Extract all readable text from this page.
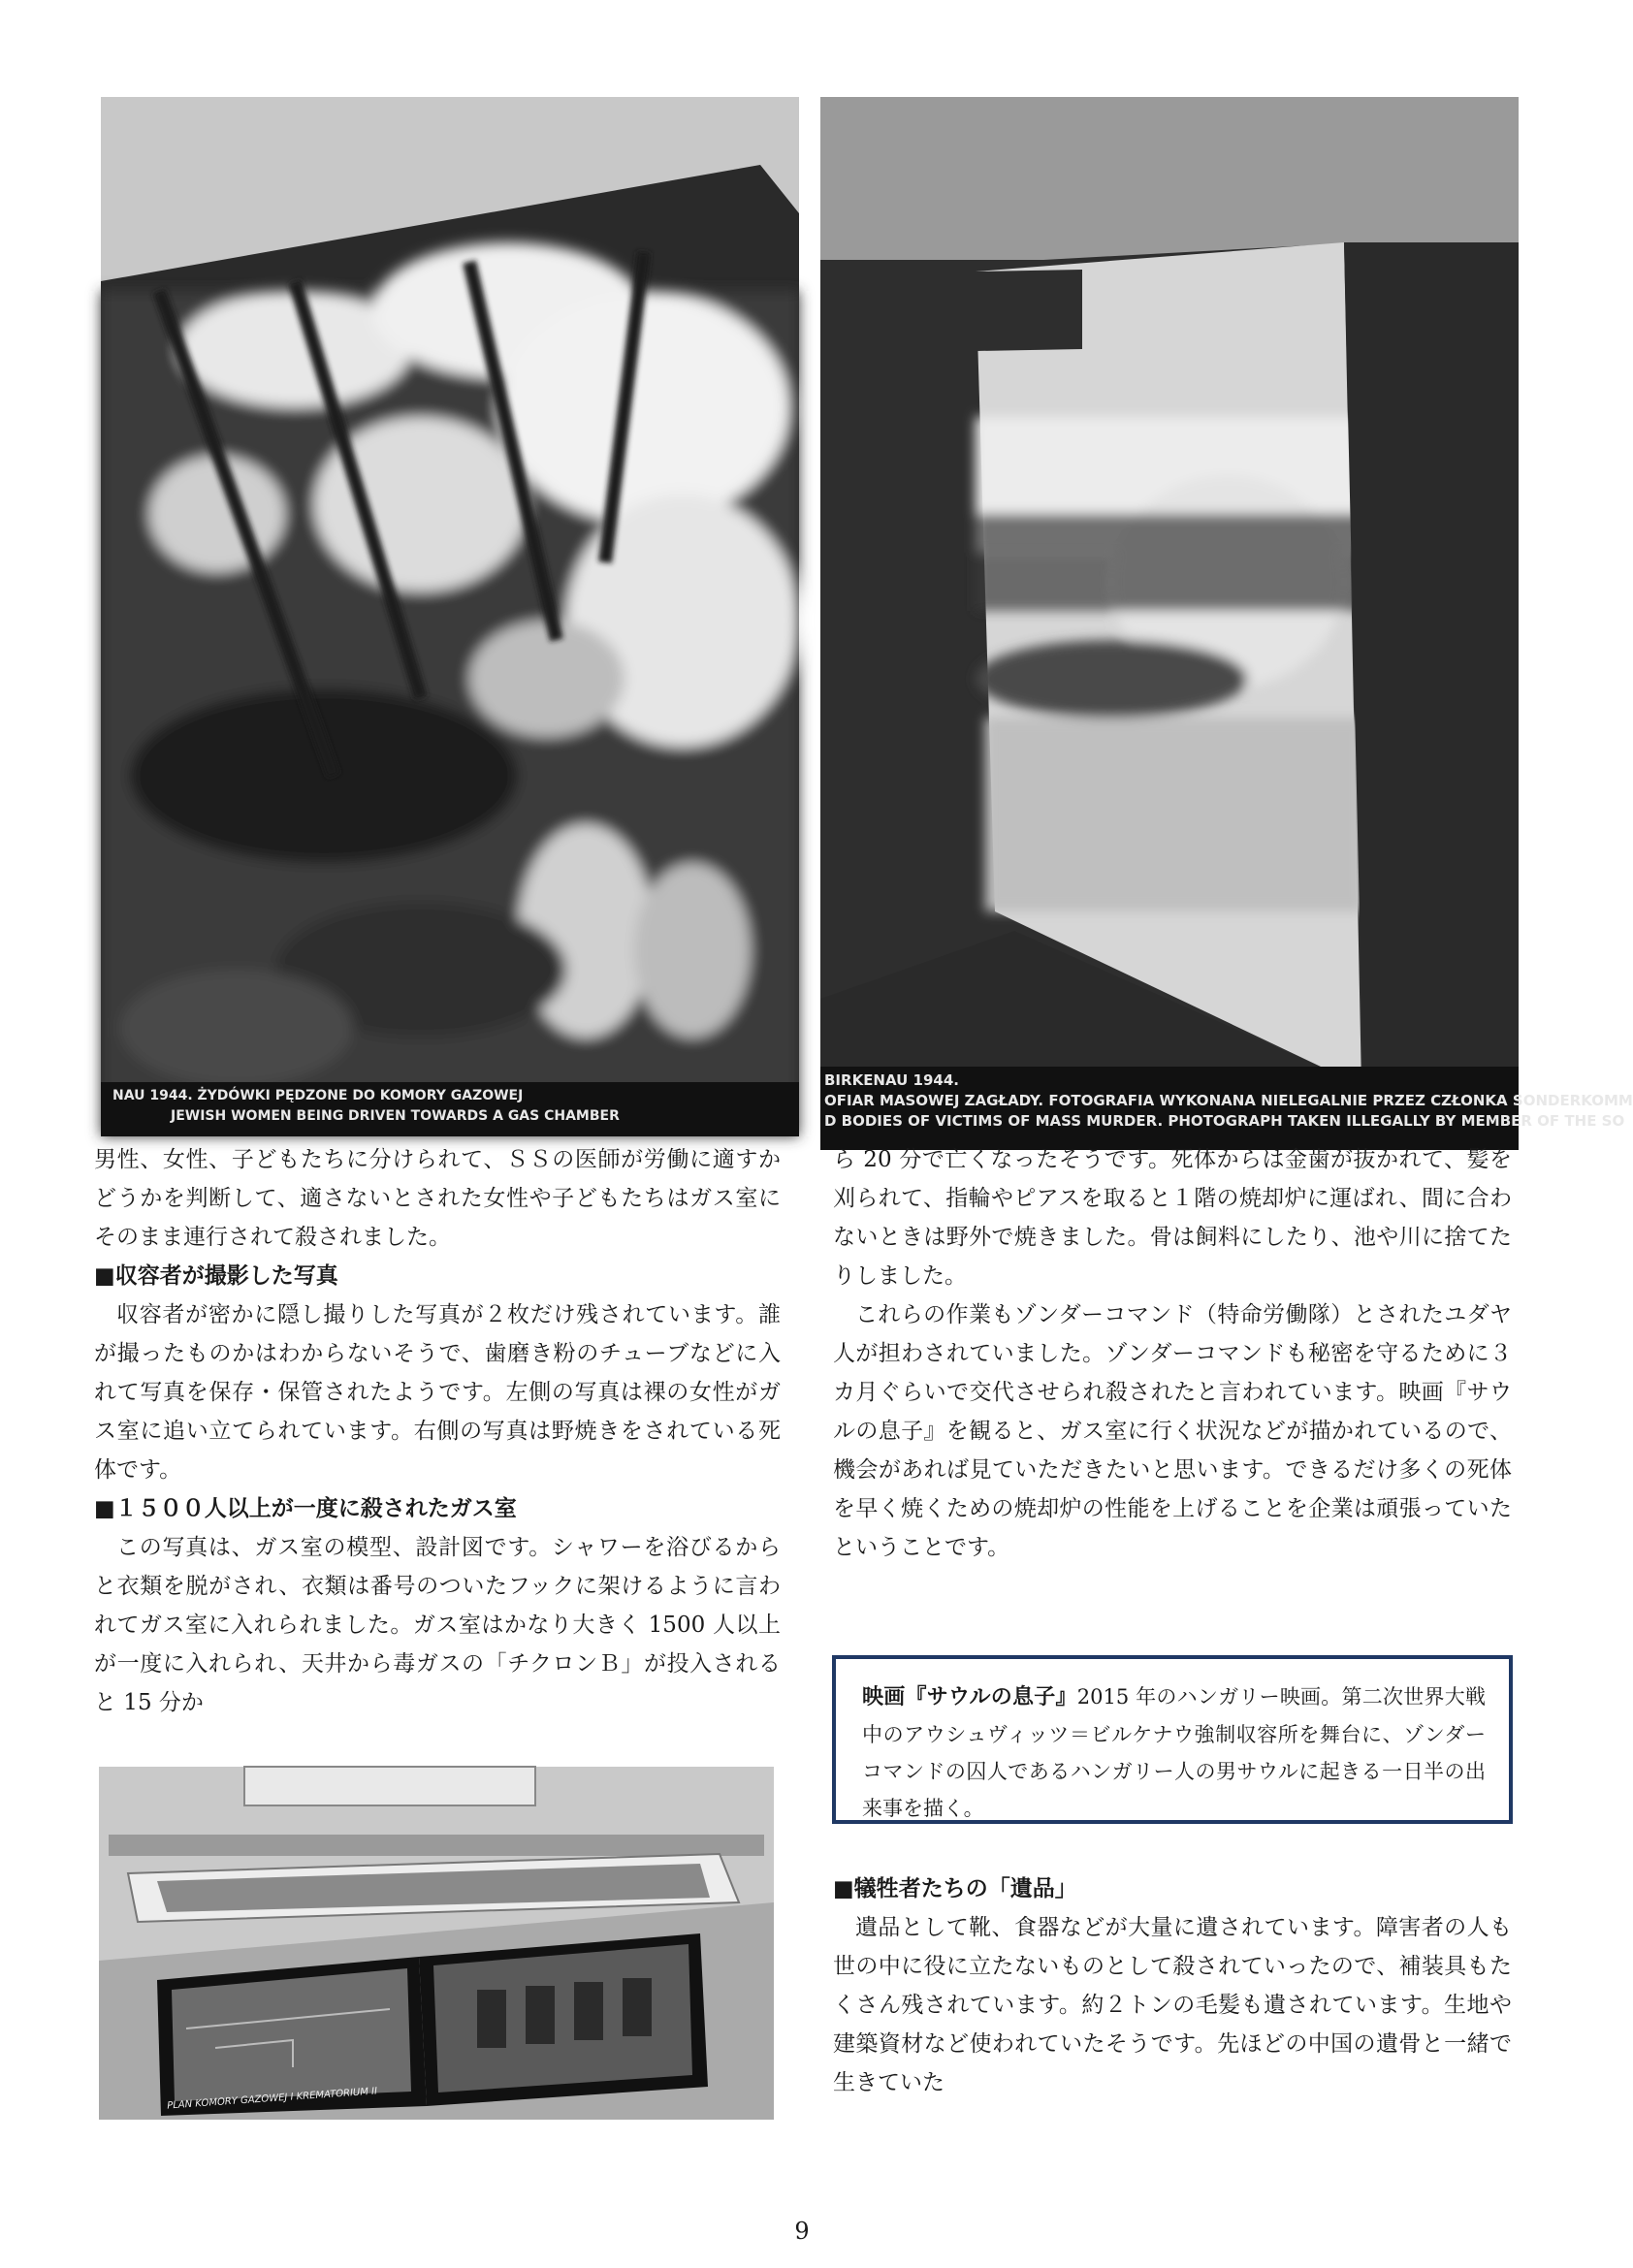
NAU 1944. ŻYDÓWKI PĘDZONE DO KOMORY GAZOWEJ
JEWISH WOMEN BEING DRIVEN TOWARDS A GAS CHAMBER
BIRKENAU 1944.
OFIAR MASOWEJ ZAGŁADY. FOTOGRAFIA WYKONANA NIELEGALNIE PRZEZ CZŁONKA SONDERKOMM
D BODIES OF VICTIMS OF MASS MURDER. PHOTOGRAPH TAKEN ILLEGALLY BY MEMBER OF THE SO

男性、女性、子どもたちに分けられて、ＳＳの医師が労働に適すかどうかを判断して、適さないとされた女性や子どもたちはガス室にそのまま連行されて殺されました。

■収容者が撮影した写真

収容者が密かに隠し撮りした写真が２枚だけ残されています。誰が撮ったものかはわからないそうで、歯磨き粉のチューブなどに入れて写真を保存・保管されたようです。左側の写真は裸の女性がガス室に追い立てられています。右側の写真は野焼きをされている死体です。

■１５００人以上が一度に殺されたガス室

この写真は、ガス室の模型、設計図です。シャワーを浴びるからと衣類を脱がされ、衣類は番号のついたフックに架けるように言われてガス室に入れられました。ガス室はかなり大きく 1500 人以上が一度に入れられ、天井から毒ガスの「チクロンＢ」が投入されると 15 分か

PLAN KOMORY GAZOWEJ I KREMATORIUM II

ら 20 分で亡くなったそうです。死体からは金歯が抜かれて、髪を刈られて、指輪やピアスを取ると１階の焼却炉に運ばれ、間に合わないときは野外で焼きました。骨は飼料にしたり、池や川に捨てたりしました。

これらの作業もゾンダーコマンド（特命労働隊）とされたユダヤ人が担わされていました。ゾンダーコマンドも秘密を守るために３カ月ぐらいで交代させられ殺されたと言われています。映画『サウルの息子』を観ると、ガス室に行く状況などが描かれているので、機会があれば見ていただきたいと思います。できるだけ多くの死体を早く焼くための焼却炉の性能を上げることを企業は頑張っていたということです。

映画『サウルの息子』2015 年のハンガリー映画。第二次世界大戦中のアウシュヴィッツ＝ビルケナウ強制収容所を舞台に、ゾンダーコマンドの囚人であるハンガリー人の男サウルに起きる一日半の出来事を描く。

■犠牲者たちの「遺品」

遺品として靴、食器などが大量に遺されています。障害者の人も世の中に役に立たないものとして殺されていったので、補装具もたくさん残されています。約２トンの毛髪も遺されています。生地や建築資材など使われていたそうです。先ほどの中国の遺骨と一緒で生きていた

9
